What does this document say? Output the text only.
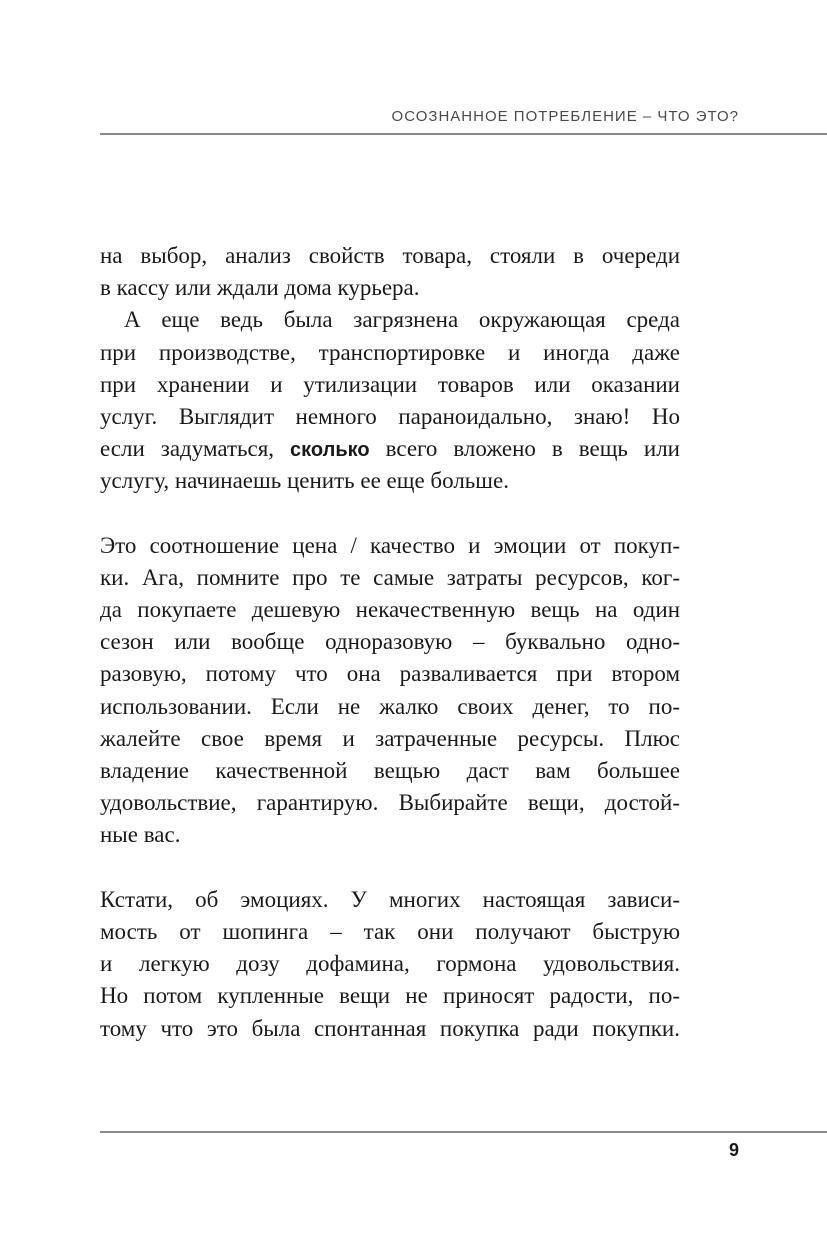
ОСОЗНАННОЕ ПОТРЕБЛЕНИЕ – ЧТО ЭТО?
на выбор, анализ свойств товара, стояли в очереди
в кассу или ждали дома курьера.
А еще ведь была загрязнена окружающая среда
при производстве, транспортировке и иногда даже
при хранении и утилизации товаров или оказании
услуг. Выглядит немного параноидально, знаю! Но
если задуматься, сколько всего вложено в вещь или
услугу, начинаешь ценить ее еще больше.
Это соотношение цена / качество и эмоции от покуп-
ки. Ага, помните про те самые затраты ресурсов, ког-
да покупаете дешевую некачественную вещь на один
сезон или вообще одноразовую – буквально одно-
разовую, потому что она разваливается при втором
использовании. Если не жалко своих денег, то по-
жалейте свое время и затраченные ресурсы. Плюс
владение качественной вещью даст вам большее
удовольствие, гарантирую. Выбирайте вещи, достой-
ные вас.
Кстати, об эмоциях. У многих настоящая зависи-
мость от шопинга – так они получают быструю
и легкую дозу дофамина, гормона удовольствия.
Но потом купленные вещи не приносят радости, по-
тому что это была спонтанная покупка ради покупки.
9
